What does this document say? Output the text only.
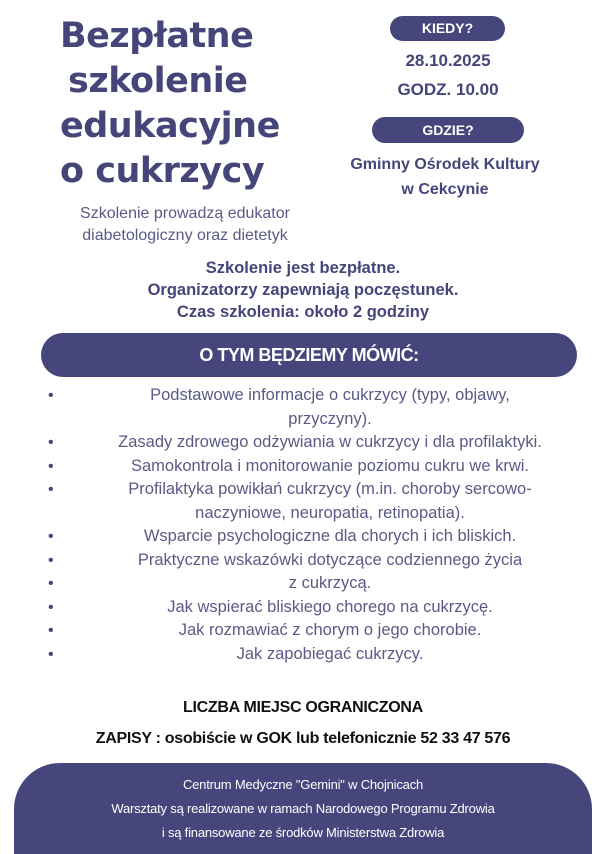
Bezpłatne
szkolenie
edukacyjne
o cukrzycy
Szkolenie prowadzą edukator
diabetologiczny oraz dietetyk
KIEDY?
28.10.2025
GODZ. 10.00
GDZIE?
Gminny Ośrodek Kultury
w Cekcynie
Szkolenie jest bezpłatne.
Organizatorzy zapewniają poczęstunek.
Czas szkolenia: około 2 godziny
O TYM BĘDZIEMY MÓWIĆ:
•	Podstawowe informacje o cukrzycy (typy, objawy,
przyczyny).
•	Zasady zdrowego odżywiania w cukrzycy i dla profilaktyki.
•	Samokontrola i monitorowanie poziomu cukru we krwi.
•	Profilaktyka powikłań cukrzycy (m.in. choroby sercowo-
naczyniowe, neuropatia, retinopatia).
•	Wsparcie psychologiczne dla chorych i ich bliskich.
•	Praktyczne wskazówki dotyczące codziennego życia
•	z cukrzycą.
•	Jak wspierać bliskiego chorego na cukrzycę.
•	Jak rozmawiać z chorym o jego chorobie.
•	Jak zapobiegać cukrzycy.
LICZBA MIEJSC OGRANICZONA
ZAPISY : osobiście w GOK lub telefonicznie 52 33 47 576
Centrum Medyczne "Gemini" w Chojnicach
Warsztaty są realizowane w ramach Narodowego Programu Zdrowia
i są finansowane ze środków Ministerstwa Zdrowia
